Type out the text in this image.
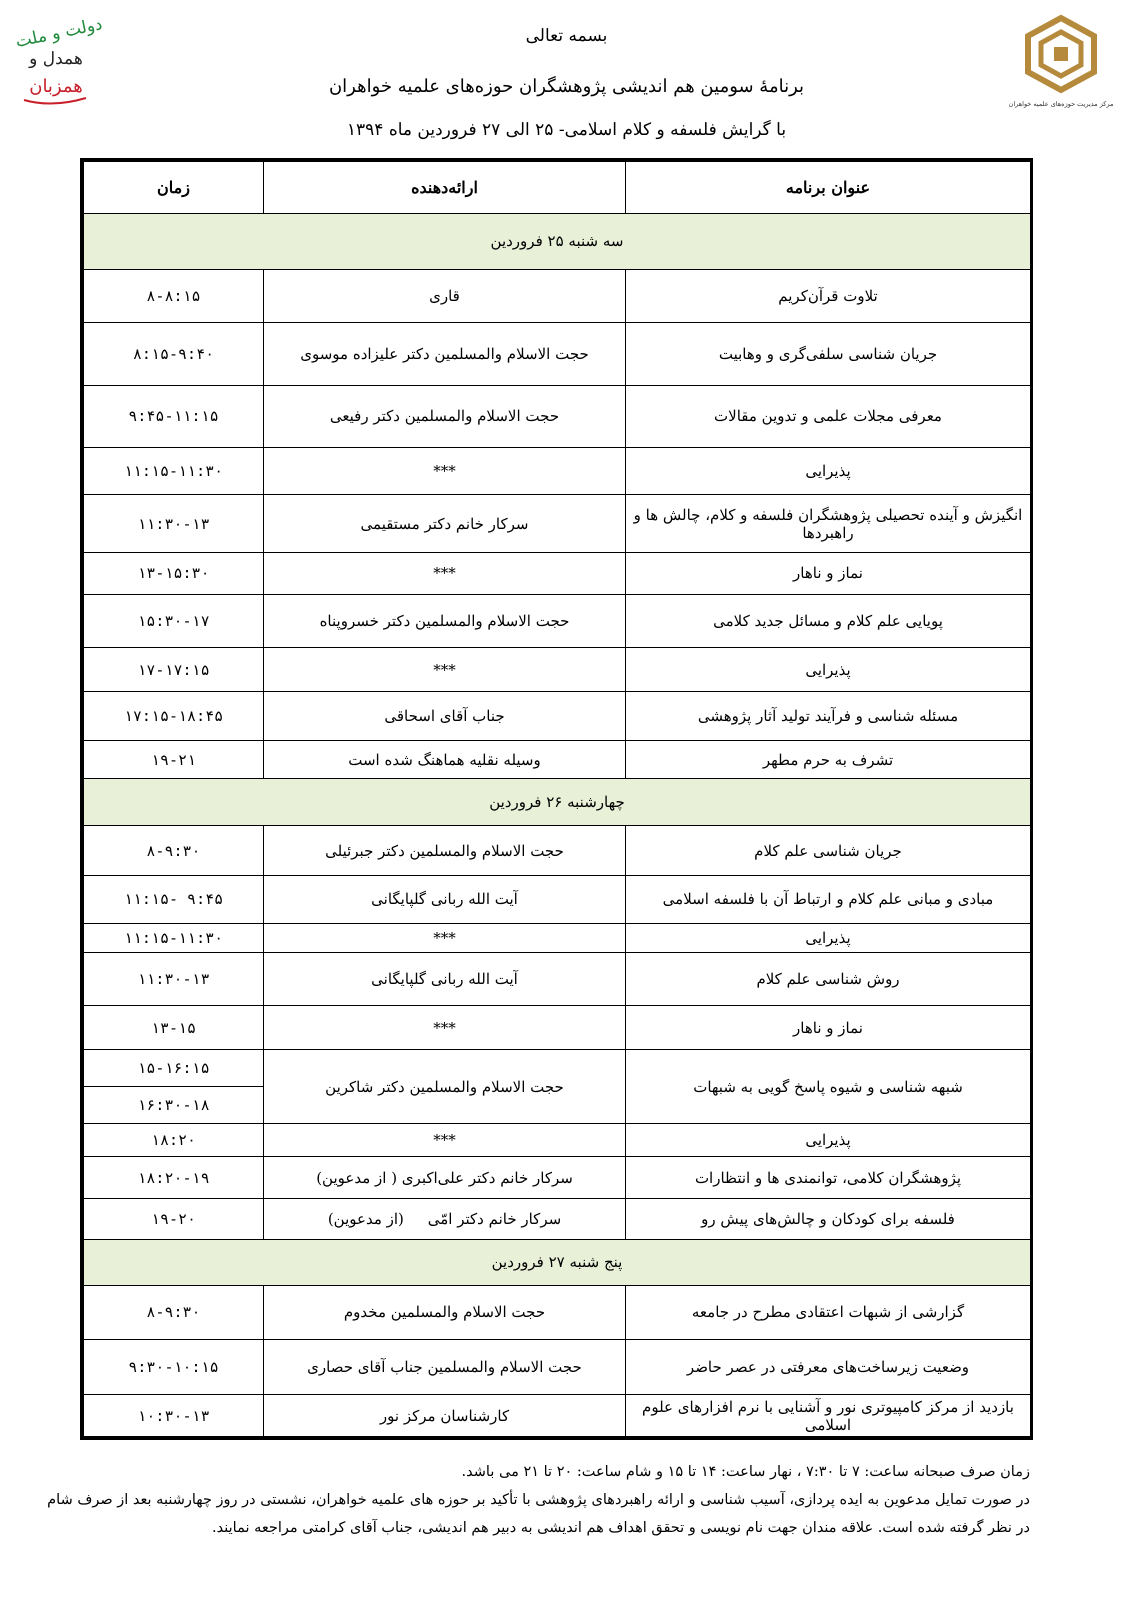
دولت و ملت
همدل و
همزبان
مرکز مدیریت حوزه‌های علمیه خواهران
بسمه تعالی
برنامهٔ سومین هم اندیشی پژوهشگران حوزه‌های علمیه خواهران
با گرایش فلسفه و کلام اسلامی- ۲۵ الی ۲۷ فروردین ماه ۱۳۹۴
عنوان برنامه	ارائه‌دهنده	زمان
سه شنبه ۲۵ فروردین		
تلاوت قرآن‌کریم	قاری	۸-۸:۱۵
جریان شناسی سلفی‌گری و وهابیت	حجت الاسلام والمسلمین دکتر علیزاده موسوی	۸:۱۵-۹:۴۰
معرفی مجلات علمی و تدوین مقالات	حجت الاسلام والمسلمین دکتر رفیعی	۹:۴۵-۱۱:۱۵
پذیرایی	***	۱۱:۱۵-۱۱:۳۰
انگیزش و آینده تحصیلی پژوهشگران فلسفه و کلام، چالش ها و راهبردها	سرکار خانم دکتر مستقیمی	۱۱:۳۰-۱۳
نماز و ناهار	***	۱۳-۱۵:۳۰
پویایی علم کلام و مسائل جدید کلامی	حجت الاسلام والمسلمین دکتر خسروپناه	۱۵:۳۰-۱۷
پذیرایی	***	۱۷-۱۷:۱۵
مسئله شناسی و فرآیند تولید آثار پژوهشی	جناب آقای اسحاقی	۱۷:۱۵-۱۸:۴۵
تشرف به حرم مطهر	وسیله نقلیه هماهنگ شده است	۱۹-۲۱
چهارشنبه ۲۶ فروردین		
جریان شناسی علم کلام	حجت الاسلام والمسلمین دکتر جبرئیلی	۸-۹:۳۰
مبادی و مبانی علم کلام و ارتباط آن با فلسفه اسلامی	آیت الله ربانی گلپایگانی	۹:۴۵ -۱۱:۱۵
پذیرایی	***	۱۱:۱۵-۱۱:۳۰
روش شناسی علم کلام	آیت الله ربانی گلپایگانی	۱۱:۳۰-۱۳
نماز و ناهار	***	۱۳-۱۵
شبهه شناسی و شیوه پاسخ گویی به شبهات	حجت الاسلام والمسلمین دکتر شاکرین	۱۵-۱۶:۱۵
۱۶:۳۰-۱۸

پذیرایی	***	۱۸:۲۰
پژوهشگران کلامی، توانمندی ها و انتظارات	سرکار خانم دکتر علی‌اکبری ( از مدعوین)	۱۸:۲۰-۱۹
فلسفه برای کودکان و چالش‌های پیش رو	سرکار خانم دکتر امّی     (از مدعوین)	۱۹-۲۰
پنج شنبه ۲۷ فروردین		
گزارشی از شبهات اعتقادی مطرح در جامعه	حجت الاسلام والمسلمین مخدوم	۸-۹:۳۰
وضعیت زیرساخت‌های معرفتی در عصر حاضر	حجت الاسلام والمسلمین جناب آقای حصاری	۹:۳۰-۱۰:۱۵
بازدید از مرکز کامپیوتری نور و آشنایی با نرم افزارهای علوم اسلامی	کارشناسان مرکز نور	۱۰:۳۰-۱۳
زمان صرف صبحانه ساعت: ۷ تا ۷:۳۰ ، نهار ساعت: ۱۴ تا ۱۵ و شام ساعت: ۲۰ تا ۲۱ می باشد.
در صورت تمایل مدعوین به ایده پردازی، آسیب شناسی و ارائه راهبردهای پژوهشی با تأکید بر حوزه های علمیه خواهران، نشستی در روز چهارشنبه بعد از صرف شام در نظر گرفته شده است. علاقه مندان جهت نام نویسی و تحقق اهداف هم اندیشی به دبیر هم اندیشی، جناب آقای کرامتی مراجعه نمایند.
